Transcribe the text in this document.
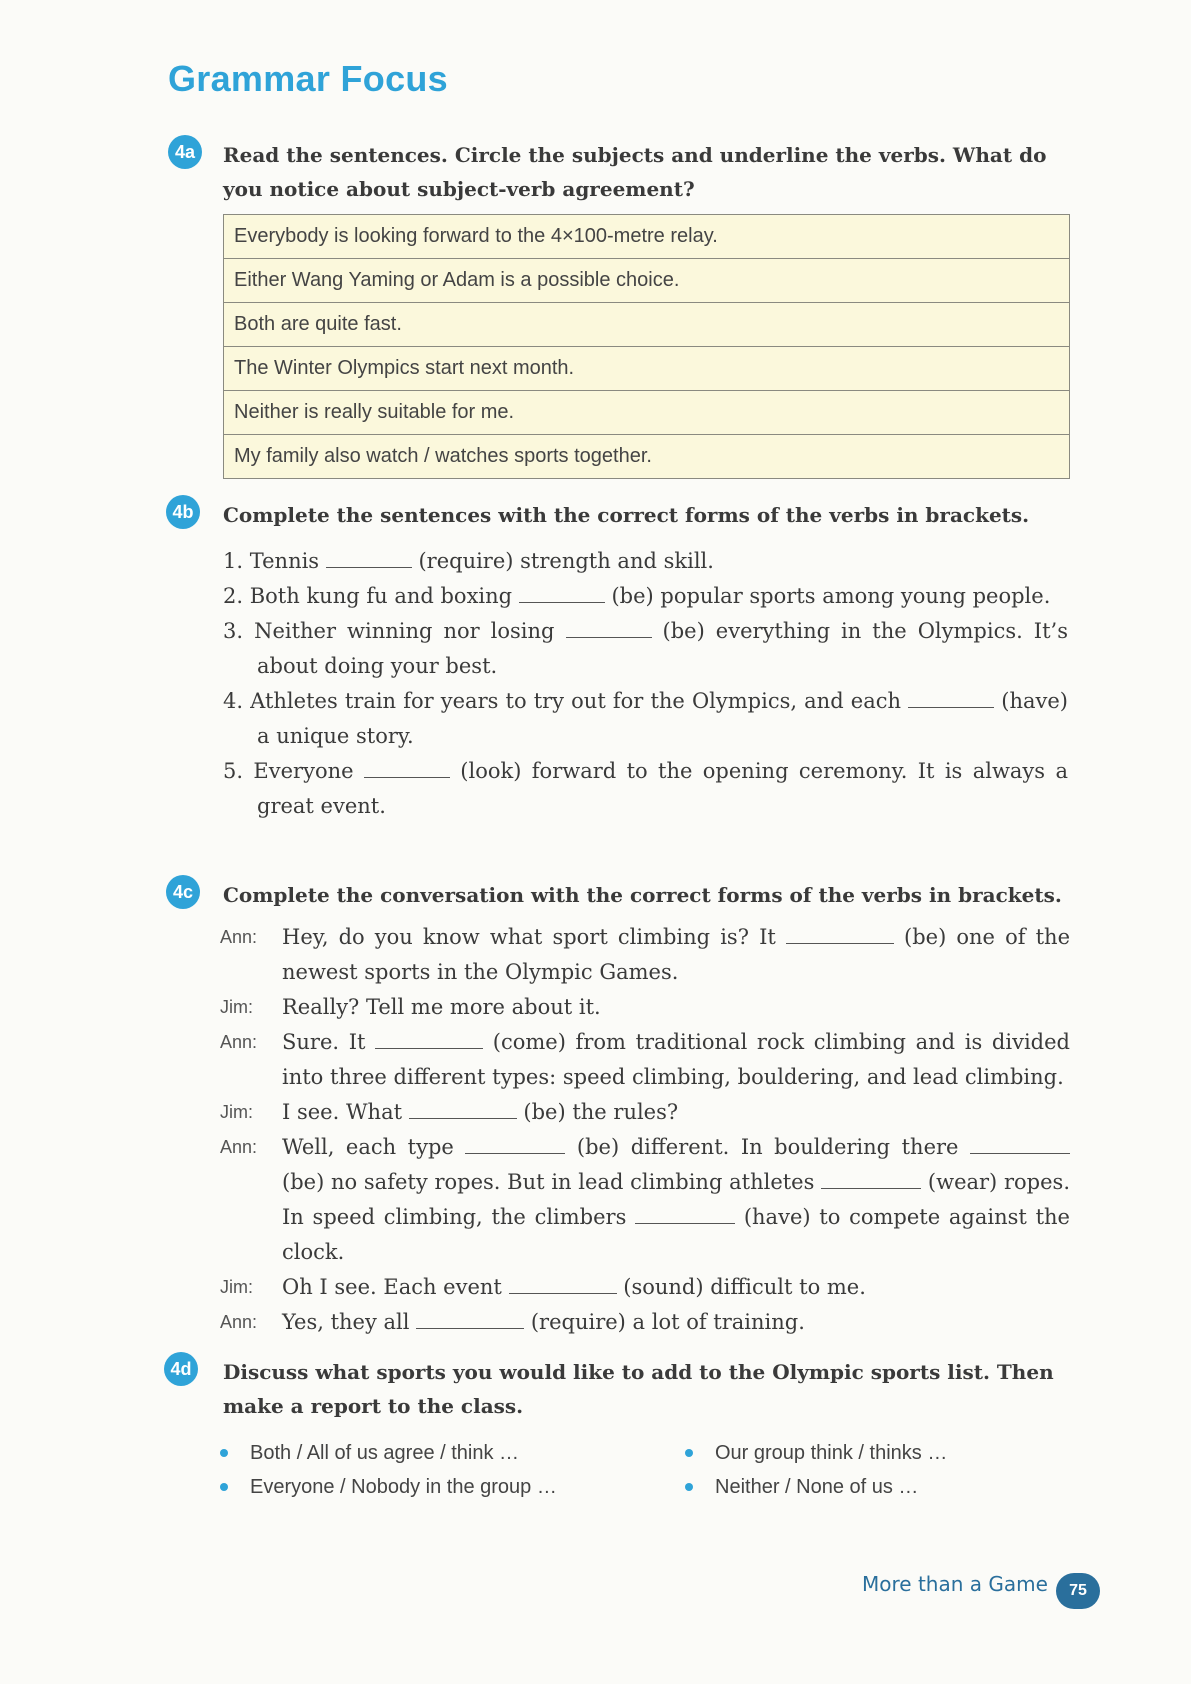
Grammar Focus
4a	Read the sentences. Circle the subjects and underline the verbs. What do you notice about subject-verb agreement?
Everybody is looking forward to the 4×100-metre relay.
Either Wang Yaming or Adam is a possible choice.
Both are quite fast.
The Winter Olympics start next month.
Neither is really suitable for me.
My family also watch / watches sports together.
4b	Complete the sentences with the correct forms of the verbs in brackets.
1. Tennis	(require) strength and skill.
2. Both kung fu and boxing	(be) popular sports among young people.
3. Neither winning nor losing	(be) everything in the Olympics. It’s about doing your best.
4. Athletes train for years to try out for the Olympics, and each	(have) a unique story.
5. Everyone	(look) forward to the opening ceremony. It is always a great event.
4c	Complete the conversation with the correct forms of the verbs in brackets.
Ann:	Hey, do you know what sport climbing is? It	(be) one of the newest sports in the Olympic Games.
Jim:	Really? Tell me more about it.
Ann:	Sure. It	(come) from traditional rock climbing and is divided into three different types: speed climbing, bouldering, and lead climbing.
Jim:	I see. What	(be) the rules?
Ann:	Well, each type	(be) different. In bouldering there  (be) no safety ropes. But in lead climbing athletes	(wear) ropes. In speed climbing, the climbers	(have) to compete against the clock.
Jim:	Oh I see. Each event	(sound) difficult to me.
Ann:	Yes, they all	(require) a lot of training.
4d	Discuss what sports you would like to add to the Olympic sports list. Then make a report to the class.
Both / All of us agree / think …
Everyone / Nobody in the group …
Our group think / thinks …
Neither / None of us …
More than a Game	75
